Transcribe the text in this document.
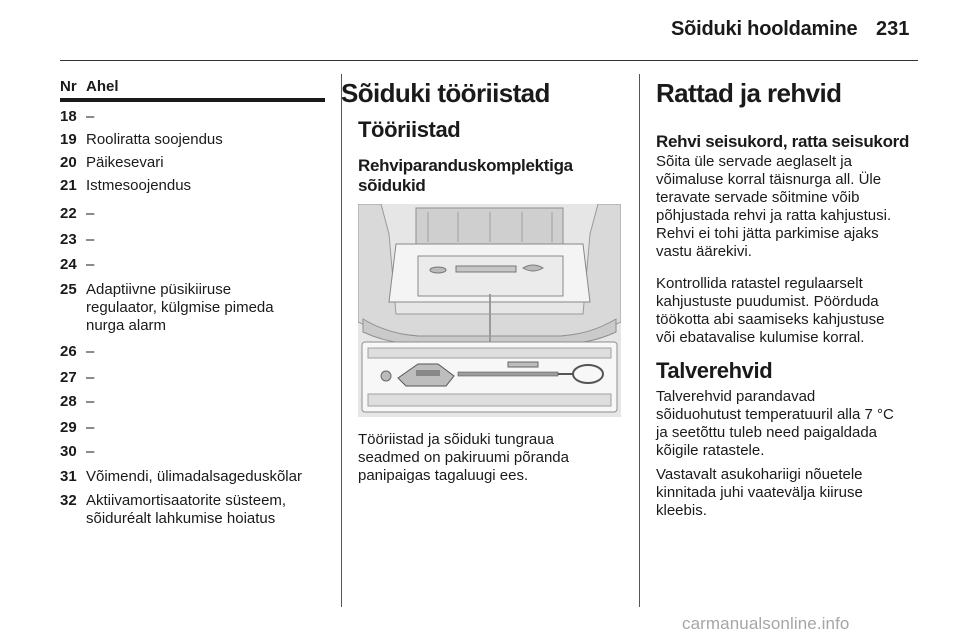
Sõiduki hooldamine 231
Nr Ahel
18 –
19 Rooliratta soojendus
20 Päikesevari
21 Istmesoojendus
22 –
23 –
24 –
25 Adaptiivne püsikiiruse
regulaator, külgmise pimeda
nurga alarm
26 –
27 –
28 –
29 –
30 –
31 Võimendi, ülimadalsageduskõlar
32 Aktiivamortisaatorite süsteem,
sõiduréalt lahkumise hoiatus
Sõiduki tööriistad
Tööriistad
Rehviparanduskomplektiga
sõidukid
Tööriistad ja sõiduki tungraua
seadmed on pakiruumi põranda
panipaigas tagaluugi ees.
Rattad ja rehvid
Rehvi seisukord, ratta seisukord
Sõita üle servade aeglaselt ja
võimaluse korral täisnurga all. Üle
teravate servade sõitmine võib
põhjustada rehvi ja ratta kahjustusi.
Rehvi ei tohi jätta parkimise ajaks
vastu äärekivi.
Kontrollida ratastel regulaarselt
kahjustuste puudumist. Pöörduda
töökotta abi saamiseks kahjustuse
või ebatavalise kulumise korral.
Talverehvid
Talverehvid parandavad
sõiduohutust temperatuuril alla 7 °C
ja seetõttu tuleb need paigaldada
kõigile ratastele.
Vastavalt asukohariigi nõuetele
kinnitada juhi vaatevälja kiiruse
kleebis.
carmanualsonline.info
